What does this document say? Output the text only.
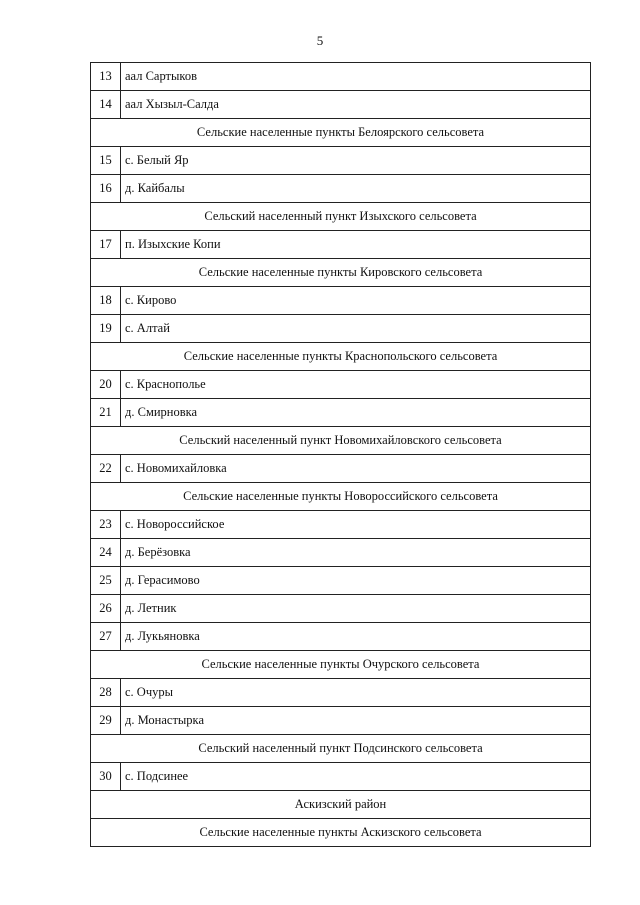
5
13	аал Сартыков
14	аал Хызыл-Салда
Сельские населенные пункты Белоярского сельсовета	
15	с. Белый Яр
16	д. Кайбалы
Сельский населенный пункт Изыхского сельсовета	
17	п. Изыхские Копи
Сельские населенные пункты Кировского сельсовета	
18	с. Кирово
19	с. Алтай
Сельские населенные пункты Краснопольского сельсовета	
20	с. Краснополье
21	д. Смирновка
Сельский населенный пункт Новомихайловского сельсовета	
22	с. Новомихайловка
Сельские населенные пункты Новороссийского сельсовета	
23	с. Новороссийское
24	д. Берёзовка
25	д. Герасимово
26	д. Летник
27	д. Лукьяновка
Сельские населенные пункты Очурского сельсовета	
28	с. Очуры
29	д. Монастырка
Сельский населенный пункт Подсинского сельсовета	
30	с. Подсинее
Аскизский район	
Сельские населенные пункты Аскизского сельсовета	
